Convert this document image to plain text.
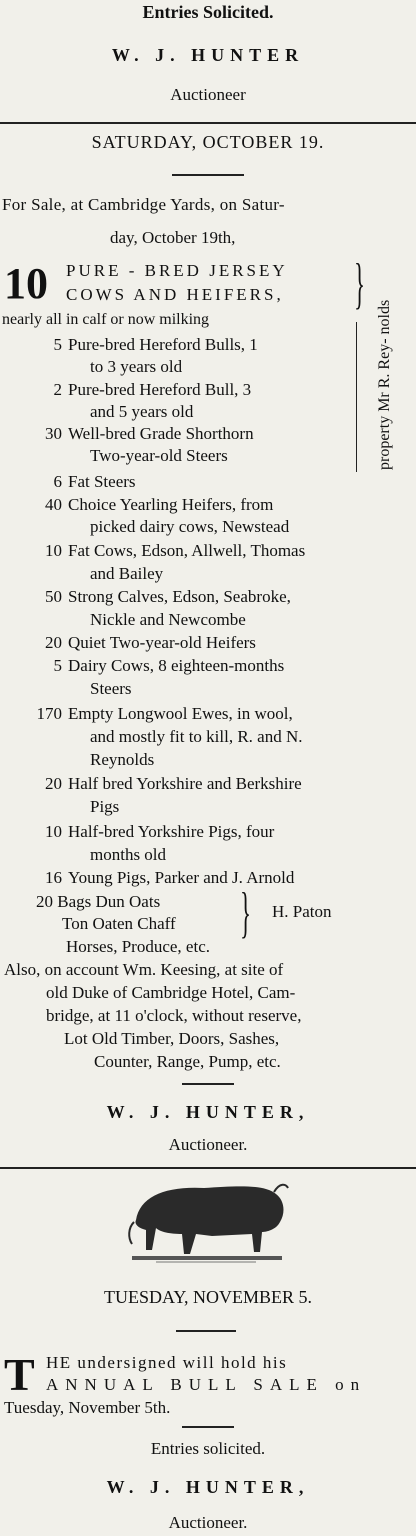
Entries Solicited.
W. J. HUNTER
Auctioneer
SATURDAY, OCTOBER 19.
For Sale, at Cambridge Yards, on Satur-
day, October 19th,
10 PURE - BRED JERSEY
COWS AND HEIFERS,
nearly all in calf or now milking
}
property Mr R. Rey- nolds
5 Pure-bred Hereford Bulls, 1
to 3 years old
2 Pure-bred Hereford Bull, 3
and 5 years old
30 Well-bred Grade Shorthorn
Two-year-old Steers
6 Fat Steers
40 Choice Yearling Heifers, from
picked dairy cows, Newstead
10 Fat Cows, Edson, Allwell, Thomas
and Bailey
50 Strong Calves, Edson, Seabroke,
Nickle and Newcombe
20 Quiet Two-year-old Heifers
5 Dairy Cows, 8 eighteen-months
Steers
170 Empty Longwool Ewes, in wool,
and mostly fit to kill, R. and N.
Reynolds
20 Half bred Yorkshire and Berkshire
Pigs
10 Half-bred Yorkshire Pigs, four
months old
16 Young Pigs, Parker and J. Arnold
20 Bags Dun Oats
Ton Oaten Chaff } H. Paton
Horses, Produce, etc.
Also, on account Wm. Keesing, at site of
old Duke of Cambridge Hotel, Cam-
bridge, at 11 o'clock, without reserve,
Lot Old Timber, Doors, Sashes,
Counter, Range, Pump, etc.
W. J. HUNTER,
Auctioneer.
TUESDAY, NOVEMBER 5.
T HE undersigned will hold his
ANNUAL BULL SALE on
Tuesday, November 5th.
Entries solicited.
W. J. HUNTER,
Auctioneer.
